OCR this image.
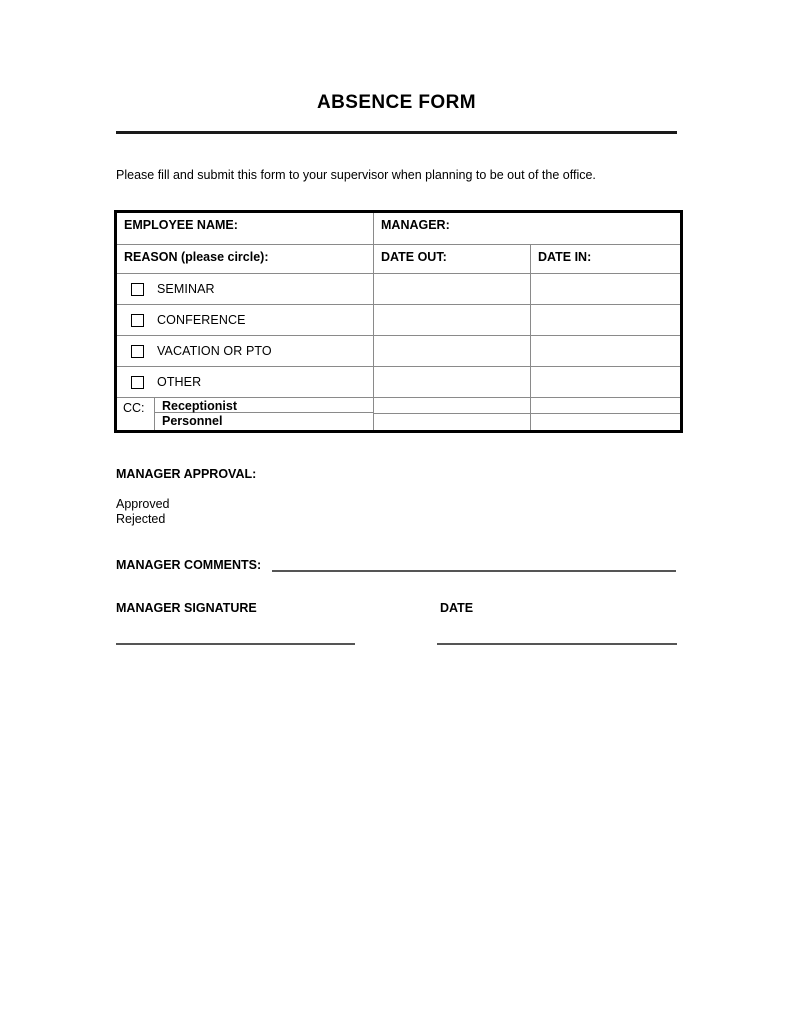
ABSENCE FORM
Please fill and submit this form to your supervisor when planning to be out of the office.
EMPLOYEE NAME:	MANAGER:	

REASON (please circle):	DATE OUT:	DATE IN:

SEMINAR		

CONFERENCE		

VACATION OR PTO		

OTHER		

CC: Receptionist
Personnel		

MANAGER APPROVAL:
Approved
Rejected
MANAGER COMMENTS:
MANAGER SIGNATURE	DATE
